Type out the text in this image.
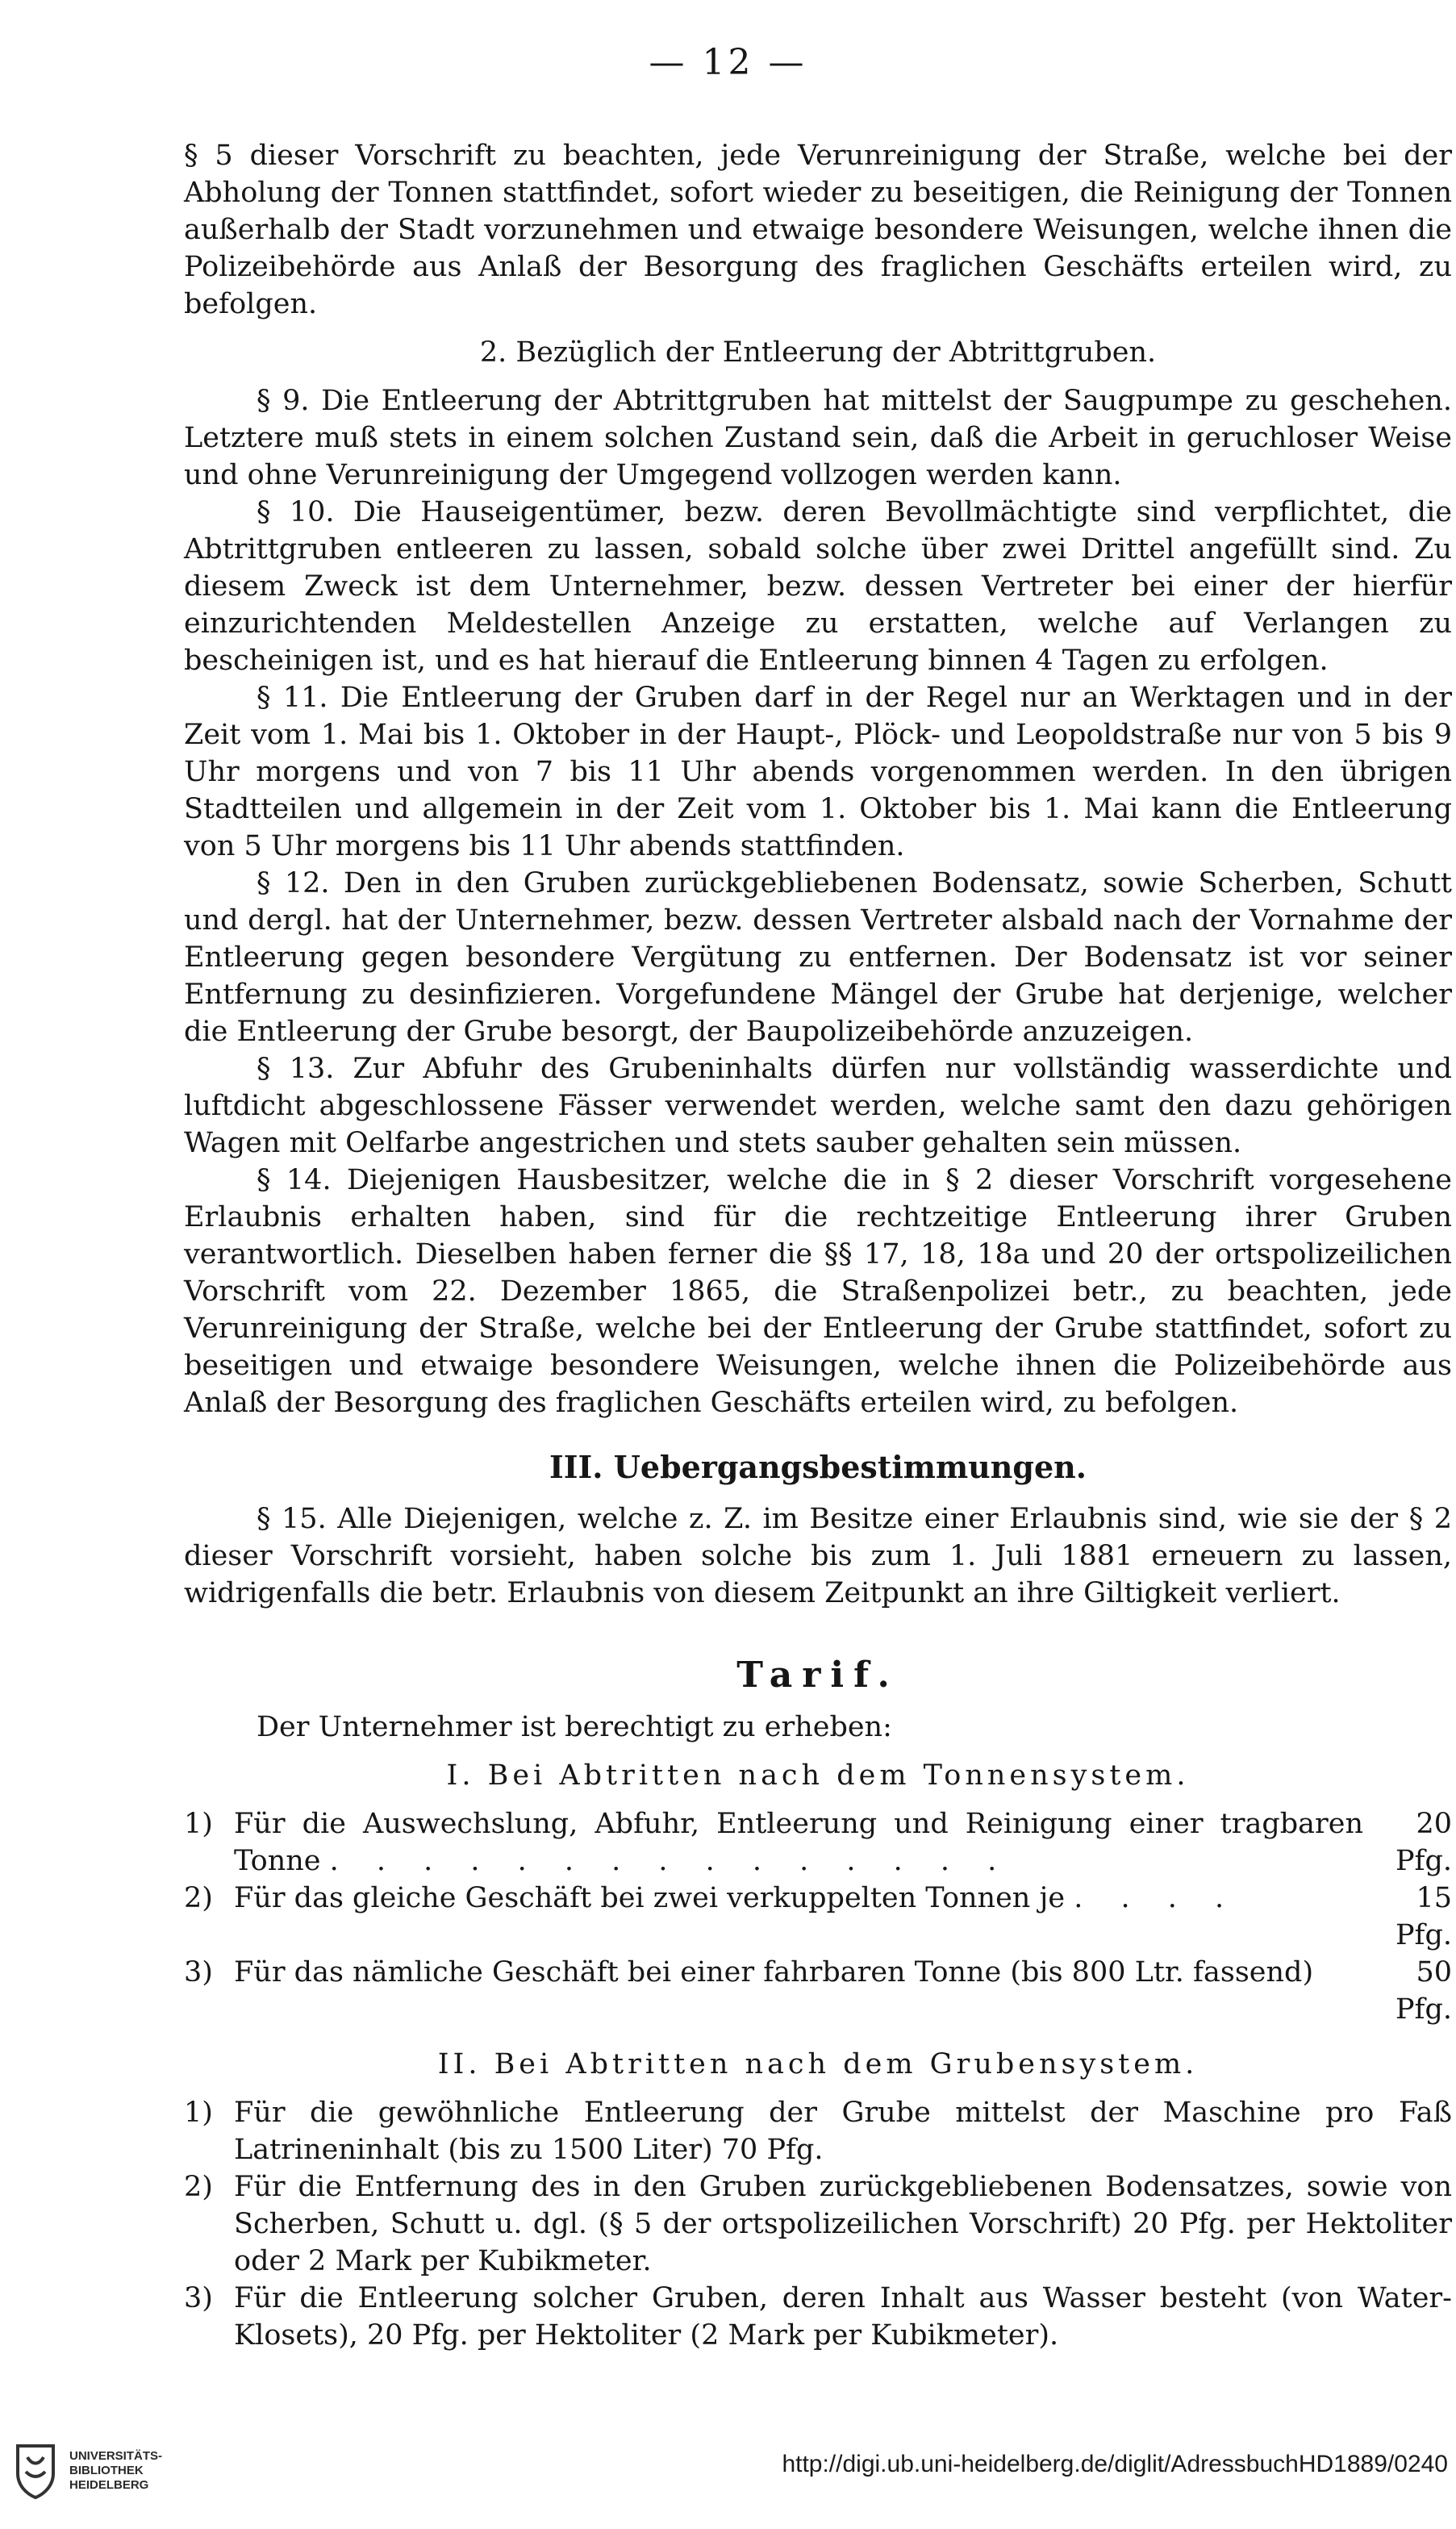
— 12 —

§ 5 dieser Vorschrift zu beachten, jede Verunreinigung der Straße, welche bei der Abholung der Tonnen stattfindet, sofort wieder zu beseitigen, die Reinigung der Tonnen außerhalb der Stadt vorzunehmen und etwaige besondere Weisungen, welche ihnen die Polizeibehörde aus Anlaß der Besorgung des fraglichen Geschäfts erteilen wird, zu befolgen.

2. Bezüglich der Entleerung der Abtrittgruben.

§ 9. Die Entleerung der Abtrittgruben hat mittelst der Saugpumpe zu geschehen. Letztere muß stets in einem solchen Zustand sein, daß die Arbeit in geruchloser Weise und ohne Verunreinigung der Umgegend vollzogen werden kann.

§ 10. Die Hauseigentümer, bezw. deren Bevollmächtigte sind verpflichtet, die Abtrittgruben entleeren zu lassen, sobald solche über zwei Drittel angefüllt sind. Zu diesem Zweck ist dem Unternehmer, bezw. dessen Vertreter bei einer der hierfür einzurichtenden Meldestellen Anzeige zu erstatten, welche auf Verlangen zu bescheinigen ist, und es hat hierauf die Entleerung binnen 4 Tagen zu erfolgen.

§ 11. Die Entleerung der Gruben darf in der Regel nur an Werktagen und in der Zeit vom 1. Mai bis 1. Oktober in der Haupt-, Plöck- und Leopoldstraße nur von 5 bis 9 Uhr morgens und von 7 bis 11 Uhr abends vorgenommen werden. In den übrigen Stadtteilen und allgemein in der Zeit vom 1. Oktober bis 1. Mai kann die Entleerung von 5 Uhr morgens bis 11 Uhr abends stattfinden.

§ 12. Den in den Gruben zurückgebliebenen Bodensatz, sowie Scherben, Schutt und dergl. hat der Unternehmer, bezw. dessen Vertreter alsbald nach der Vornahme der Entleerung gegen besondere Vergütung zu entfernen. Der Bodensatz ist vor seiner Entfernung zu desinfizieren. Vorgefundene Mängel der Grube hat derjenige, welcher die Entleerung der Grube besorgt, der Baupolizeibehörde anzuzeigen.

§ 13. Zur Abfuhr des Grubeninhalts dürfen nur vollständig wasserdichte und luftdicht abgeschlossene Fässer verwendet werden, welche samt den dazu gehörigen Wagen mit Oelfarbe angestrichen und stets sauber gehalten sein müssen.

§ 14. Diejenigen Hausbesitzer, welche die in § 2 dieser Vorschrift vorgesehene Erlaubnis erhalten haben, sind für die rechtzeitige Entleerung ihrer Gruben verantwortlich. Dieselben haben ferner die §§ 17, 18, 18a und 20 der ortspolizeilichen Vorschrift vom 22. Dezember 1865, die Straßenpolizei betr., zu beachten, jede Verunreinigung der Straße, welche bei der Entleerung der Grube stattfindet, sofort zu beseitigen und etwaige besondere Weisungen, welche ihnen die Polizeibehörde aus Anlaß der Besorgung des fraglichen Geschäfts erteilen wird, zu befolgen.

III. Uebergangsbestimmungen.

§ 15. Alle Diejenigen, welche z. Z. im Besitze einer Erlaubnis sind, wie sie der § 2 dieser Vorschrift vorsieht, haben solche bis zum 1. Juli 1881 erneuern zu lassen, widrigenfalls die betr. Erlaubnis von diesem Zeitpunkt an ihre Giltigkeit verliert.

Tarif.

Der Unternehmer ist berechtigt zu erheben:

I. Bei Abtritten nach dem Tonnensystem.
1) Für die Auswechslung, Abfuhr, Entleerung und Reinigung einer tragbaren Tonne . . . . . . . . . . . . . . .
20 Pfg.
2) Für das gleiche Geschäft bei zwei verkuppelten Tonnen je . . . .	15 Pfg.
3) Für das nämliche Geschäft bei einer fahrbaren Tonne (bis 800 Ltr. fassend)	50 Pfg.
II. Bei Abtritten nach dem Grubensystem.
1) Für die gewöhnliche Entleerung der Grube mittelst der Maschine pro Faß Latrineninhalt (bis zu 1500 Liter) 70 Pfg.
2) Für die Entfernung des in den Gruben zurückgebliebenen Bodensatzes, sowie von Scherben, Schutt u. dgl. (§ 5 der ortspolizeilichen Vorschrift) 20 Pfg. per Hektoliter oder 2 Mark per Kubikmeter.
3) Für die Entleerung solcher Gruben, deren Inhalt aus Wasser besteht (von Water-Klosets), 20 Pfg. per Hektoliter (2 Mark per Kubikmeter).
UNIVERSITÄTS-
BIBLIOTHEK
HEIDELBERG
http://digi.ub.uni-heidelberg.de/diglit/AdressbuchHD1889/0240
